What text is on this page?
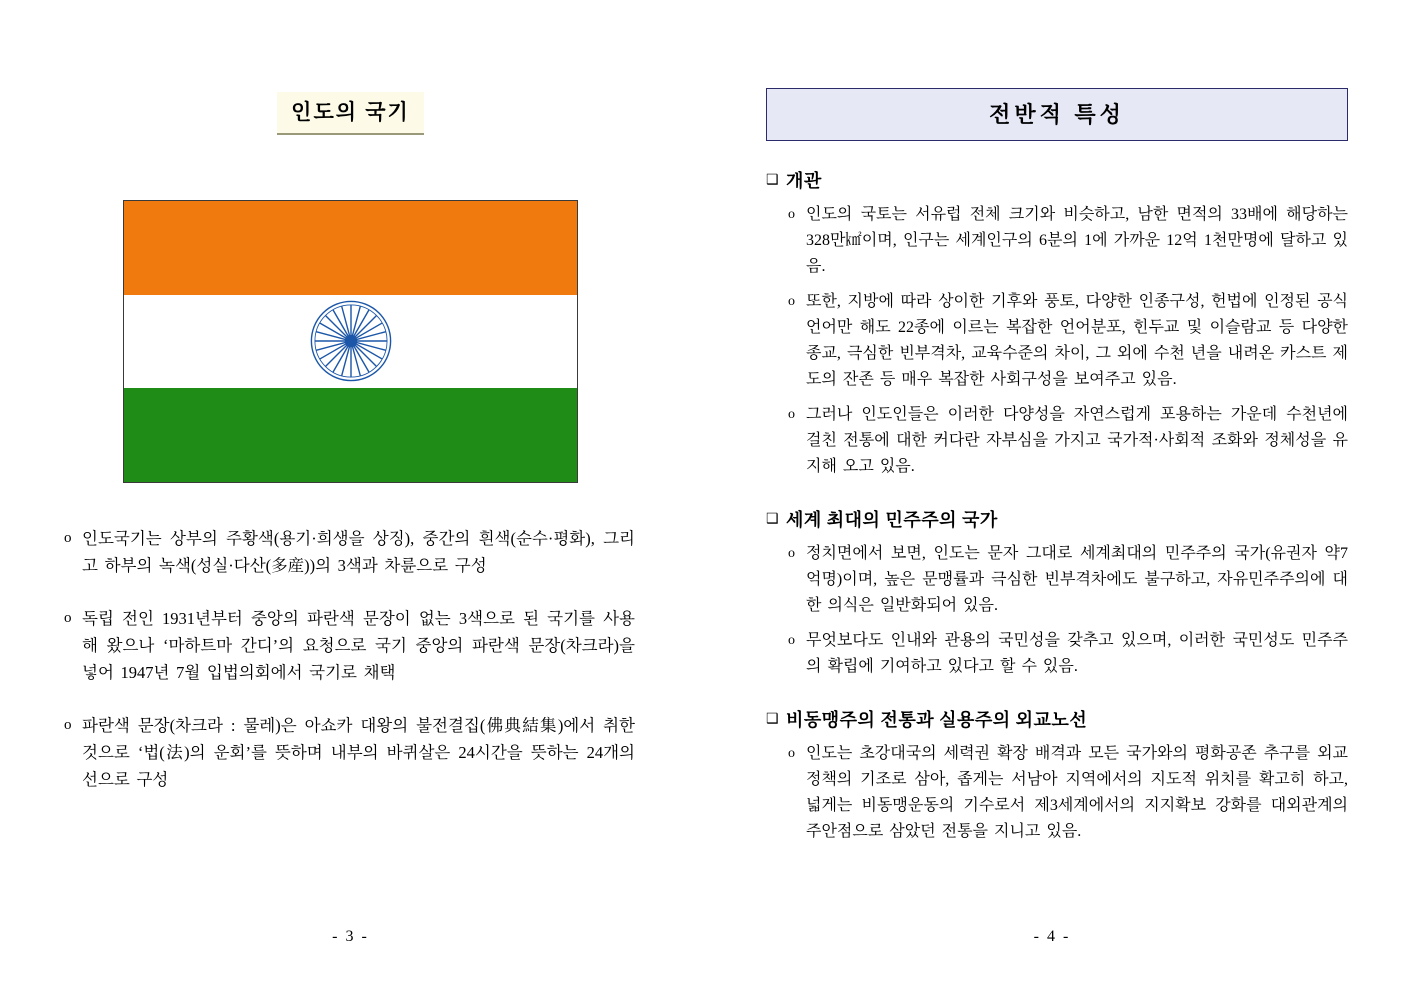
인도의 국기
o 인도국기는 상부의 주황색(용기·희생을 상징), 중간의 흰색(순수·평화), 그리고 하부의 녹색(성실·다산(多産))의 3색과 차륜으로 구성
o 독립 전인 1931년부터 중앙의 파란색 문장이 없는 3색으로 된 국기를 사용해 왔으나 ‘마하트마 간디’의 요청으로 국기 중앙의 파란색 문장(차크라)을 넣어 1947년 7월 입법의회에서 국기로 채택
o 파란색 문장(차크라 : 물레)은 아쇼카 대왕의 불전결집(佛典結集)에서 취한 것으로 ‘법(法)의 운회’를 뜻하며 내부의 바퀴살은 24시간을 뜻하는 24개의 선으로 구성
- 3 -
전반적 특성
❑ 개관
o 인도의 국토는 서유럽 전체 크기와 비슷하고, 남한 면적의 33배에 해당하는 328만㎢이며, 인구는 세계인구의 6분의 1에 가까운 12억 1천만명에 달하고 있음.
o 또한, 지방에 따라 상이한 기후와 풍토, 다양한 인종구성, 헌법에 인정된 공식 언어만 해도 22종에 이르는 복잡한 언어분포, 힌두교 및 이슬람교 등 다양한 종교, 극심한 빈부격차, 교육수준의 차이, 그 외에 수천 년을 내려온 카스트 제도의 잔존 등 매우 복잡한 사회구성을 보여주고 있음.
o 그러나 인도인들은 이러한 다양성을 자연스럽게 포용하는 가운데 수천년에 걸친 전통에 대한 커다란 자부심을 가지고 국가적·사회적 조화와 정체성을 유지해 오고 있음.
❑ 세계 최대의 민주주의 국가
o 정치면에서 보면, 인도는 문자 그대로 세계최대의 민주주의 국가(유권자 약7억명)이며, 높은 문맹률과 극심한 빈부격차에도 불구하고, 자유민주주의에 대한 의식은 일반화되어 있음.
o 무엇보다도 인내와 관용의 국민성을 갖추고 있으며, 이러한 국민성도 민주주의 확립에 기여하고 있다고 할 수 있음.
❑ 비동맹주의 전통과 실용주의 외교노선
o 인도는 초강대국의 세력권 확장 배격과 모든 국가와의 평화공존 추구를 외교정책의 기조로 삼아, 좁게는 서남아 지역에서의 지도적 위치를 확고히 하고, 넓게는 비동맹운동의 기수로서 제3세계에서의 지지확보 강화를 대외관계의 주안점으로 삼았던 전통을 지니고 있음.
- 4 -
